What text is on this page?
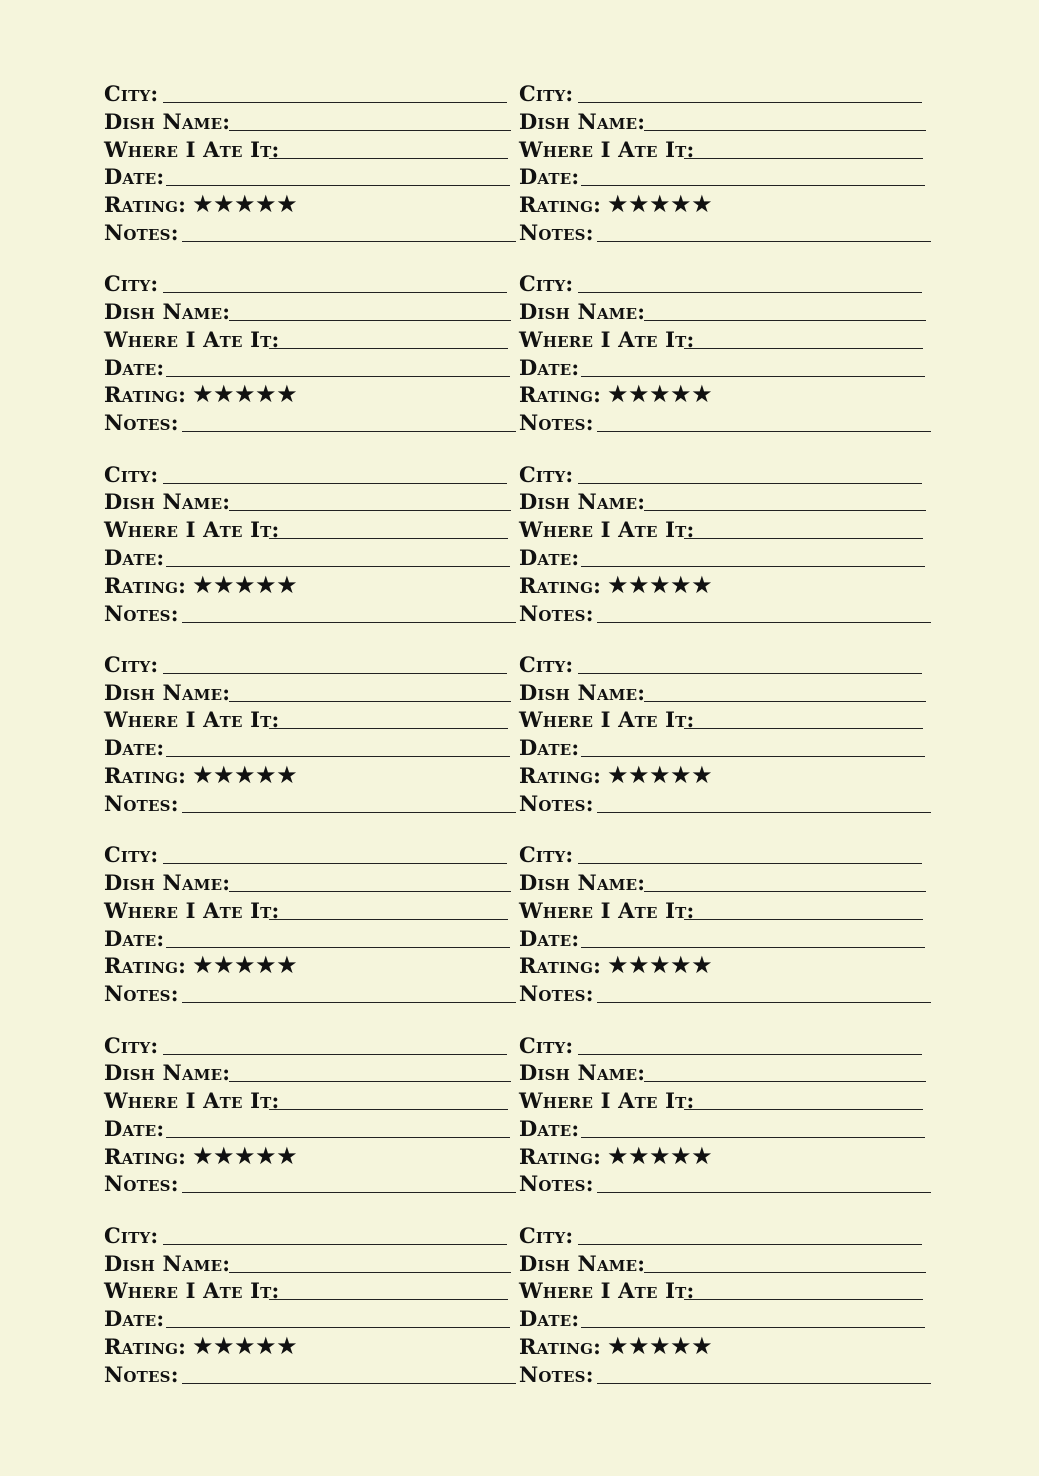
City:
Dish Name:
Where I Ate It:
Date:
Rating: ★★★★★
Notes:
City:
Dish Name:
Where I Ate It:
Date:
Rating: ★★★★★
Notes:
City:
Dish Name:
Where I Ate It:
Date:
Rating: ★★★★★
Notes:
City:
Dish Name:
Where I Ate It:
Date:
Rating: ★★★★★
Notes:
City:
Dish Name:
Where I Ate It:
Date:
Rating: ★★★★★
Notes:
City:
Dish Name:
Where I Ate It:
Date:
Rating: ★★★★★
Notes:
City:
Dish Name:
Where I Ate It:
Date:
Rating: ★★★★★
Notes:
City:
Dish Name:
Where I Ate It:
Date:
Rating: ★★★★★
Notes:
City:
Dish Name:
Where I Ate It:
Date:
Rating: ★★★★★
Notes:
City:
Dish Name:
Where I Ate It:
Date:
Rating: ★★★★★
Notes:
City:
Dish Name:
Where I Ate It:
Date:
Rating: ★★★★★
Notes:
City:
Dish Name:
Where I Ate It:
Date:
Rating: ★★★★★
Notes:
City:
Dish Name:
Where I Ate It:
Date:
Rating: ★★★★★
Notes:
City:
Dish Name:
Where I Ate It:
Date:
Rating: ★★★★★
Notes:
